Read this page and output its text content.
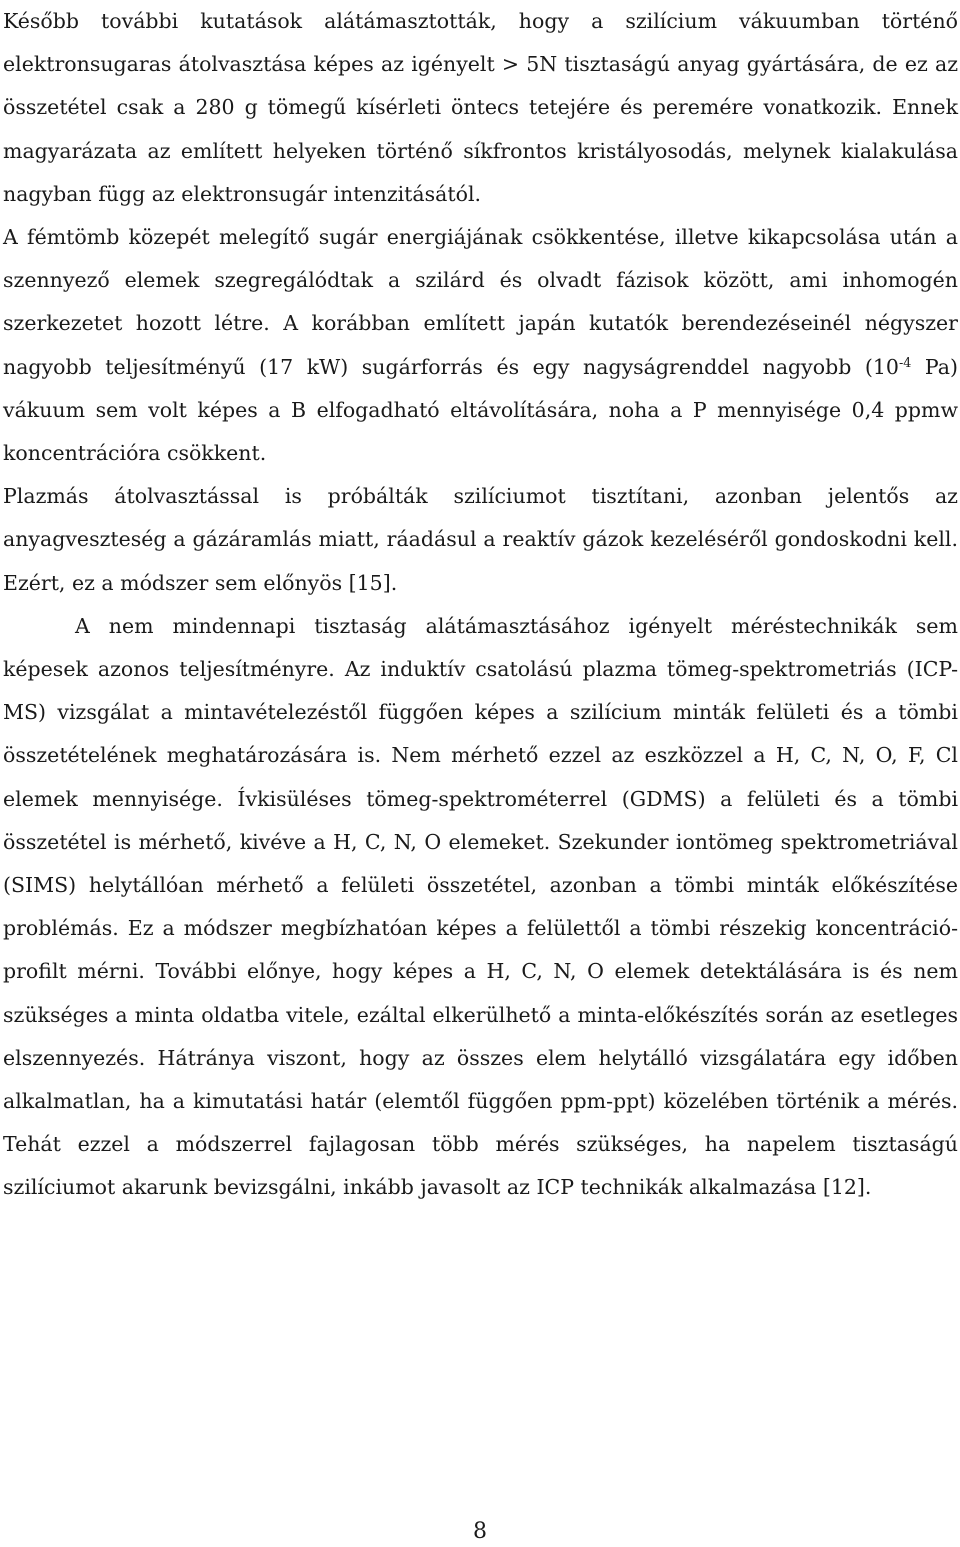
Később további kutatások alátámasztották, hogy a szilícium vákuumban történő elektronsugaras átolvasztása képes az igényelt > 5N tisztaságú anyag gyártására, de ez az összetétel csak a 280 g tömegű kísérleti öntecs tetejére és peremére vonatkozik. Ennek magyarázata az említett helyeken történő síkfrontos kristályosodás, melynek kialakulása nagyban függ az elektronsugár intenzitásától.

A fémtömb közepét melegítő sugár energiájának csökkentése, illetve kikapcsolása után a szennyező elemek szegregálódtak a szilárd és olvadt fázisok között, ami inhomogén szerkezetet hozott létre. A korábban említett japán kutatók berendezéseinél négyszer nagyobb teljesítményű (17 kW) sugárforrás és egy nagyságrenddel nagyobb ($10^{-4}$ Pa) vákuum sem volt képes a B elfogadható eltávolítására, noha a P mennyisége 0,4 ppmw koncentrációra csökkent.

Plazmás átolvasztással is próbálták szilíciumot tisztítani, azonban jelentős az anyagveszteség a gázáramlás miatt, ráadásul a reaktív gázok kezeléséről gondoskodni kell. Ezért, ez a módszer sem előnyös [15].

A nem mindennapi tisztaság alátámasztásához igényelt méréstechnikák sem képesek azonos teljesítményre. Az induktív csatolású plazma tömeg-spektrometriás (ICP-MS) vizsgálat a mintavételezéstől függően képes a szilícium minták felületi és a tömbi összetételének meghatározására is. Nem mérhető ezzel az eszközzel a H, C, N, O, F, Cl elemek mennyisége. Ívkisüléses tömeg-spektrométerrel (GDMS) a felületi és a tömbi összetétel is mérhető, kivéve a H, C, N, O elemeket. Szekunder iontömeg spektrometriával (SIMS) helytállóan mérhető a felületi összetétel, azonban a tömbi minták előkészítése problémás. Ez a módszer megbízhatóan képes a felülettől a tömbi részekig koncentráció-profilt mérni. További előnye, hogy képes a H, C, N, O elemek detektálására is és nem szükséges a minta oldatba vitele, ezáltal elkerülhető a minta-előkészítés során az esetleges elszennyezés. Hátránya viszont, hogy az összes elem helytálló vizsgálatára egy időben alkalmatlan, ha a kimutatási határ (elemtől függően ppm-ppt) közelében történik a mérés. Tehát ezzel a módszerrel fajlagosan több mérés szükséges, ha napelem tisztaságú szilíciumot akarunk bevizsgálni, inkább javasolt az ICP technikák alkalmazása [12].

8
